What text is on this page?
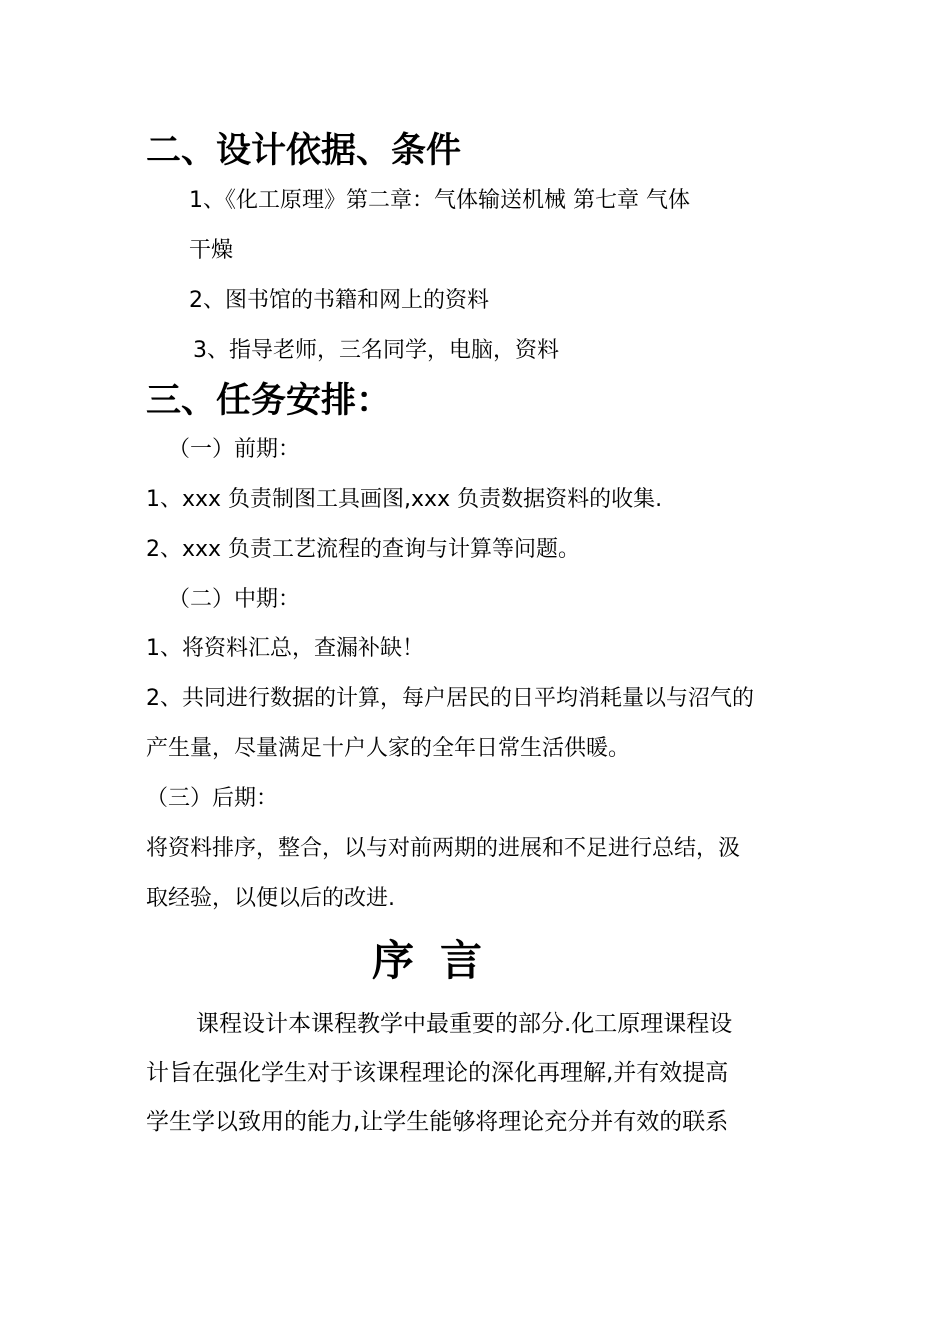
二、设计依据、条件
1、《化工原理》第二章：气体输送机械 第七章 气体
干燥
2、图书馆的书籍和网上的资料
3、指导老师，三名同学，电脑，资料
三、任务安排：
（一）前期：
1、xxx 负责制图工具画图,xxx 负责数据资料的收集.
2、xxx 负责工艺流程的查询与计算等问题。
（二）中期：
1、将资料汇总，查漏补缺！
2、共同进行数据的计算，每户居民的日平均消耗量以与沼气的
产生量，尽量满足十户人家的全年日常生活供暖。
（三）后期：
将资料排序，整合，以与对前两期的进展和不足进行总结，汲
取经验，以便以后的改进.
序言
课程设计本课程教学中最重要的部分.化工原理课程设
计旨在强化学生对于该课程理论的深化再理解,并有效提高
学生学以致用的能力,让学生能够将理论充分并有效的联系
